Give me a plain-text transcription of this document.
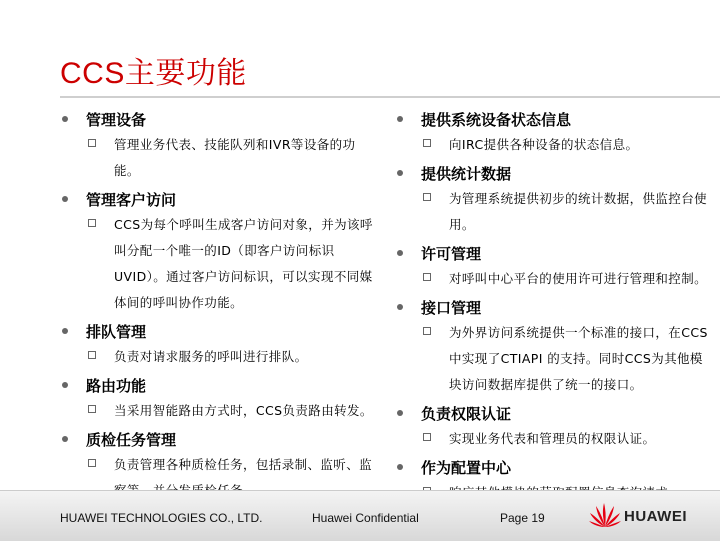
CCS主要功能
管理设备
管理业务代表、技能队列和IVR等设备的功能。
管理客户访问
CCS为每个呼叫生成客户访问对象，并为该呼叫分配一个唯一的ID（即客户访问标识UVID）。通过客户访问标识，可以实现不同媒体间的呼叫协作功能。
排队管理
负责对请求服务的呼叫进行排队。
路由功能
当采用智能路由方式时，CCS负责路由转发。
质检任务管理
负责管理各种质检任务，包括录制、监听、监
提供系统设备状态信息
向IRC提供各种设备的状态信息。
提供统计数据
为管理系统提供初步的统计数据，供监控台使用。
许可管理
对呼叫中心平台的使用许可进行管理和控制。
接口管理
为外界访问系统提供一个标准的接口，在CCS 中实现了CTIAPI 的支持。同时CCS为其他模块访问数据库提供了统一的接口。
负责权限认证
实现业务代表和管理员的权限认证。
作为配置中心
HUAWEI TECHNOLOGIES CO., LTD.	Huawei Confidential	Page 19	HUAWEI
